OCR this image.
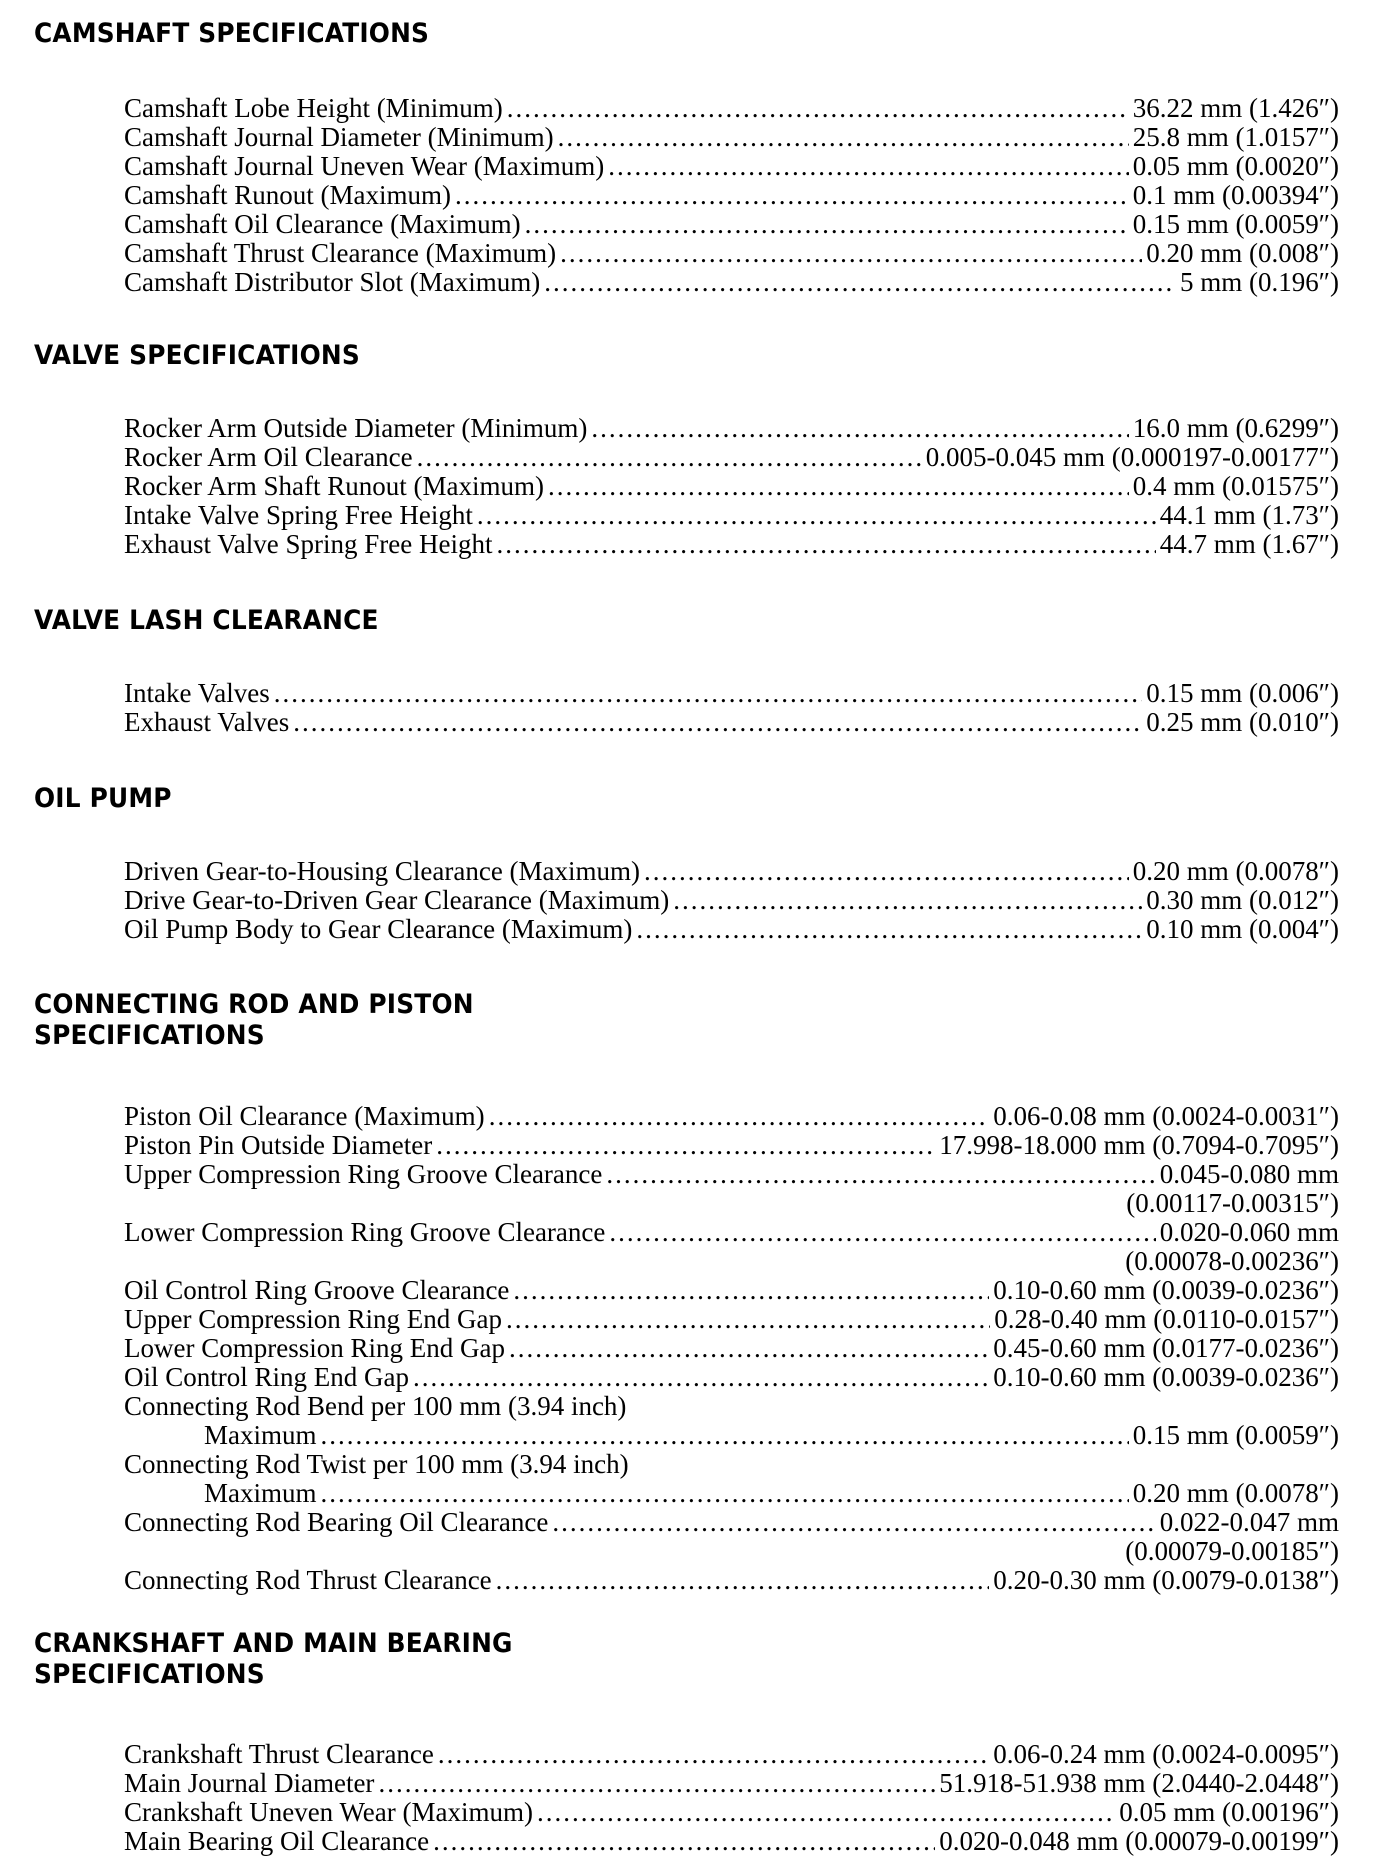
CAMSHAFT SPECIFICATIONS
Camshaft Lobe Height (Minimum) .....	36.22 mm (1.426″)
Camshaft Journal Diameter (Minimum) .....	25.8 mm (1.0157″)
Camshaft Journal Uneven Wear (Maximum) .....	0.05 mm (0.0020″)
Camshaft Runout (Maximum) .....	0.1 mm (0.00394″)
Camshaft Oil Clearance (Maximum) .....	0.15 mm (0.0059″)
Camshaft Thrust Clearance (Maximum) .....	0.20 mm (0.008″)
Camshaft Distributor Slot (Maximum) .....	5 mm (0.196″)
VALVE SPECIFICATIONS
Rocker Arm Outside Diameter (Minimum) .....	16.0 mm (0.6299″)
Rocker Arm Oil Clearance .....	0.005-0.045 mm (0.000197-0.00177″)
Rocker Arm Shaft Runout (Maximum) .....	0.4 mm (0.01575″)
Intake Valve Spring Free Height .....	44.1 mm (1.73″)
Exhaust Valve Spring Free Height .....	44.7 mm (1.67″)
VALVE LASH CLEARANCE
Intake Valves .....	0.15 mm (0.006″)
Exhaust Valves .....	0.25 mm (0.010″)
OIL PUMP
Driven Gear-to-Housing Clearance (Maximum) .....	0.20 mm (0.0078″)
Drive Gear-to-Driven Gear Clearance (Maximum) .....	0.30 mm (0.012″)
Oil Pump Body to Gear Clearance (Maximum) .....	0.10 mm (0.004″)
CONNECTING ROD AND PISTON
SPECIFICATIONS
Piston Oil Clearance (Maximum) .....	0.06-0.08 mm (0.0024-0.0031″)
Piston Pin Outside Diameter .....	17.998-18.000 mm (0.7094-0.7095″)
Upper Compression Ring Groove Clearance .....	0.045-0.080 mm
(0.00117-0.00315″)
Lower Compression Ring Groove Clearance .....	0.020-0.060 mm
(0.00078-0.00236″)
Oil Control Ring Groove Clearance .....	0.10-0.60 mm (0.0039-0.0236″)
Upper Compression Ring End Gap .....	0.28-0.40 mm (0.0110-0.0157″)
Lower Compression Ring End Gap .....	0.45-0.60 mm (0.0177-0.0236″)
Oil Control Ring End Gap .....	0.10-0.60 mm (0.0039-0.0236″)
Connecting Rod Bend per 100 mm (3.94 inch)
Maximum .....	0.15 mm (0.0059″)
Connecting Rod Twist per 100 mm (3.94 inch)
Maximum .....	0.20 mm (0.0078″)
Connecting Rod Bearing Oil Clearance .....	0.022-0.047 mm
(0.00079-0.00185″)
Connecting Rod Thrust Clearance .....	0.20-0.30 mm (0.0079-0.0138″)
CRANKSHAFT AND MAIN BEARING
SPECIFICATIONS
Crankshaft Thrust Clearance .....	0.06-0.24 mm (0.0024-0.0095″)
Main Journal Diameter .....	51.918-51.938 mm (2.0440-2.0448″)
Crankshaft Uneven Wear (Maximum) .....	0.05 mm (0.00196″)
Main Bearing Oil Clearance .....	0.020-0.048 mm (0.00079-0.00199″)
